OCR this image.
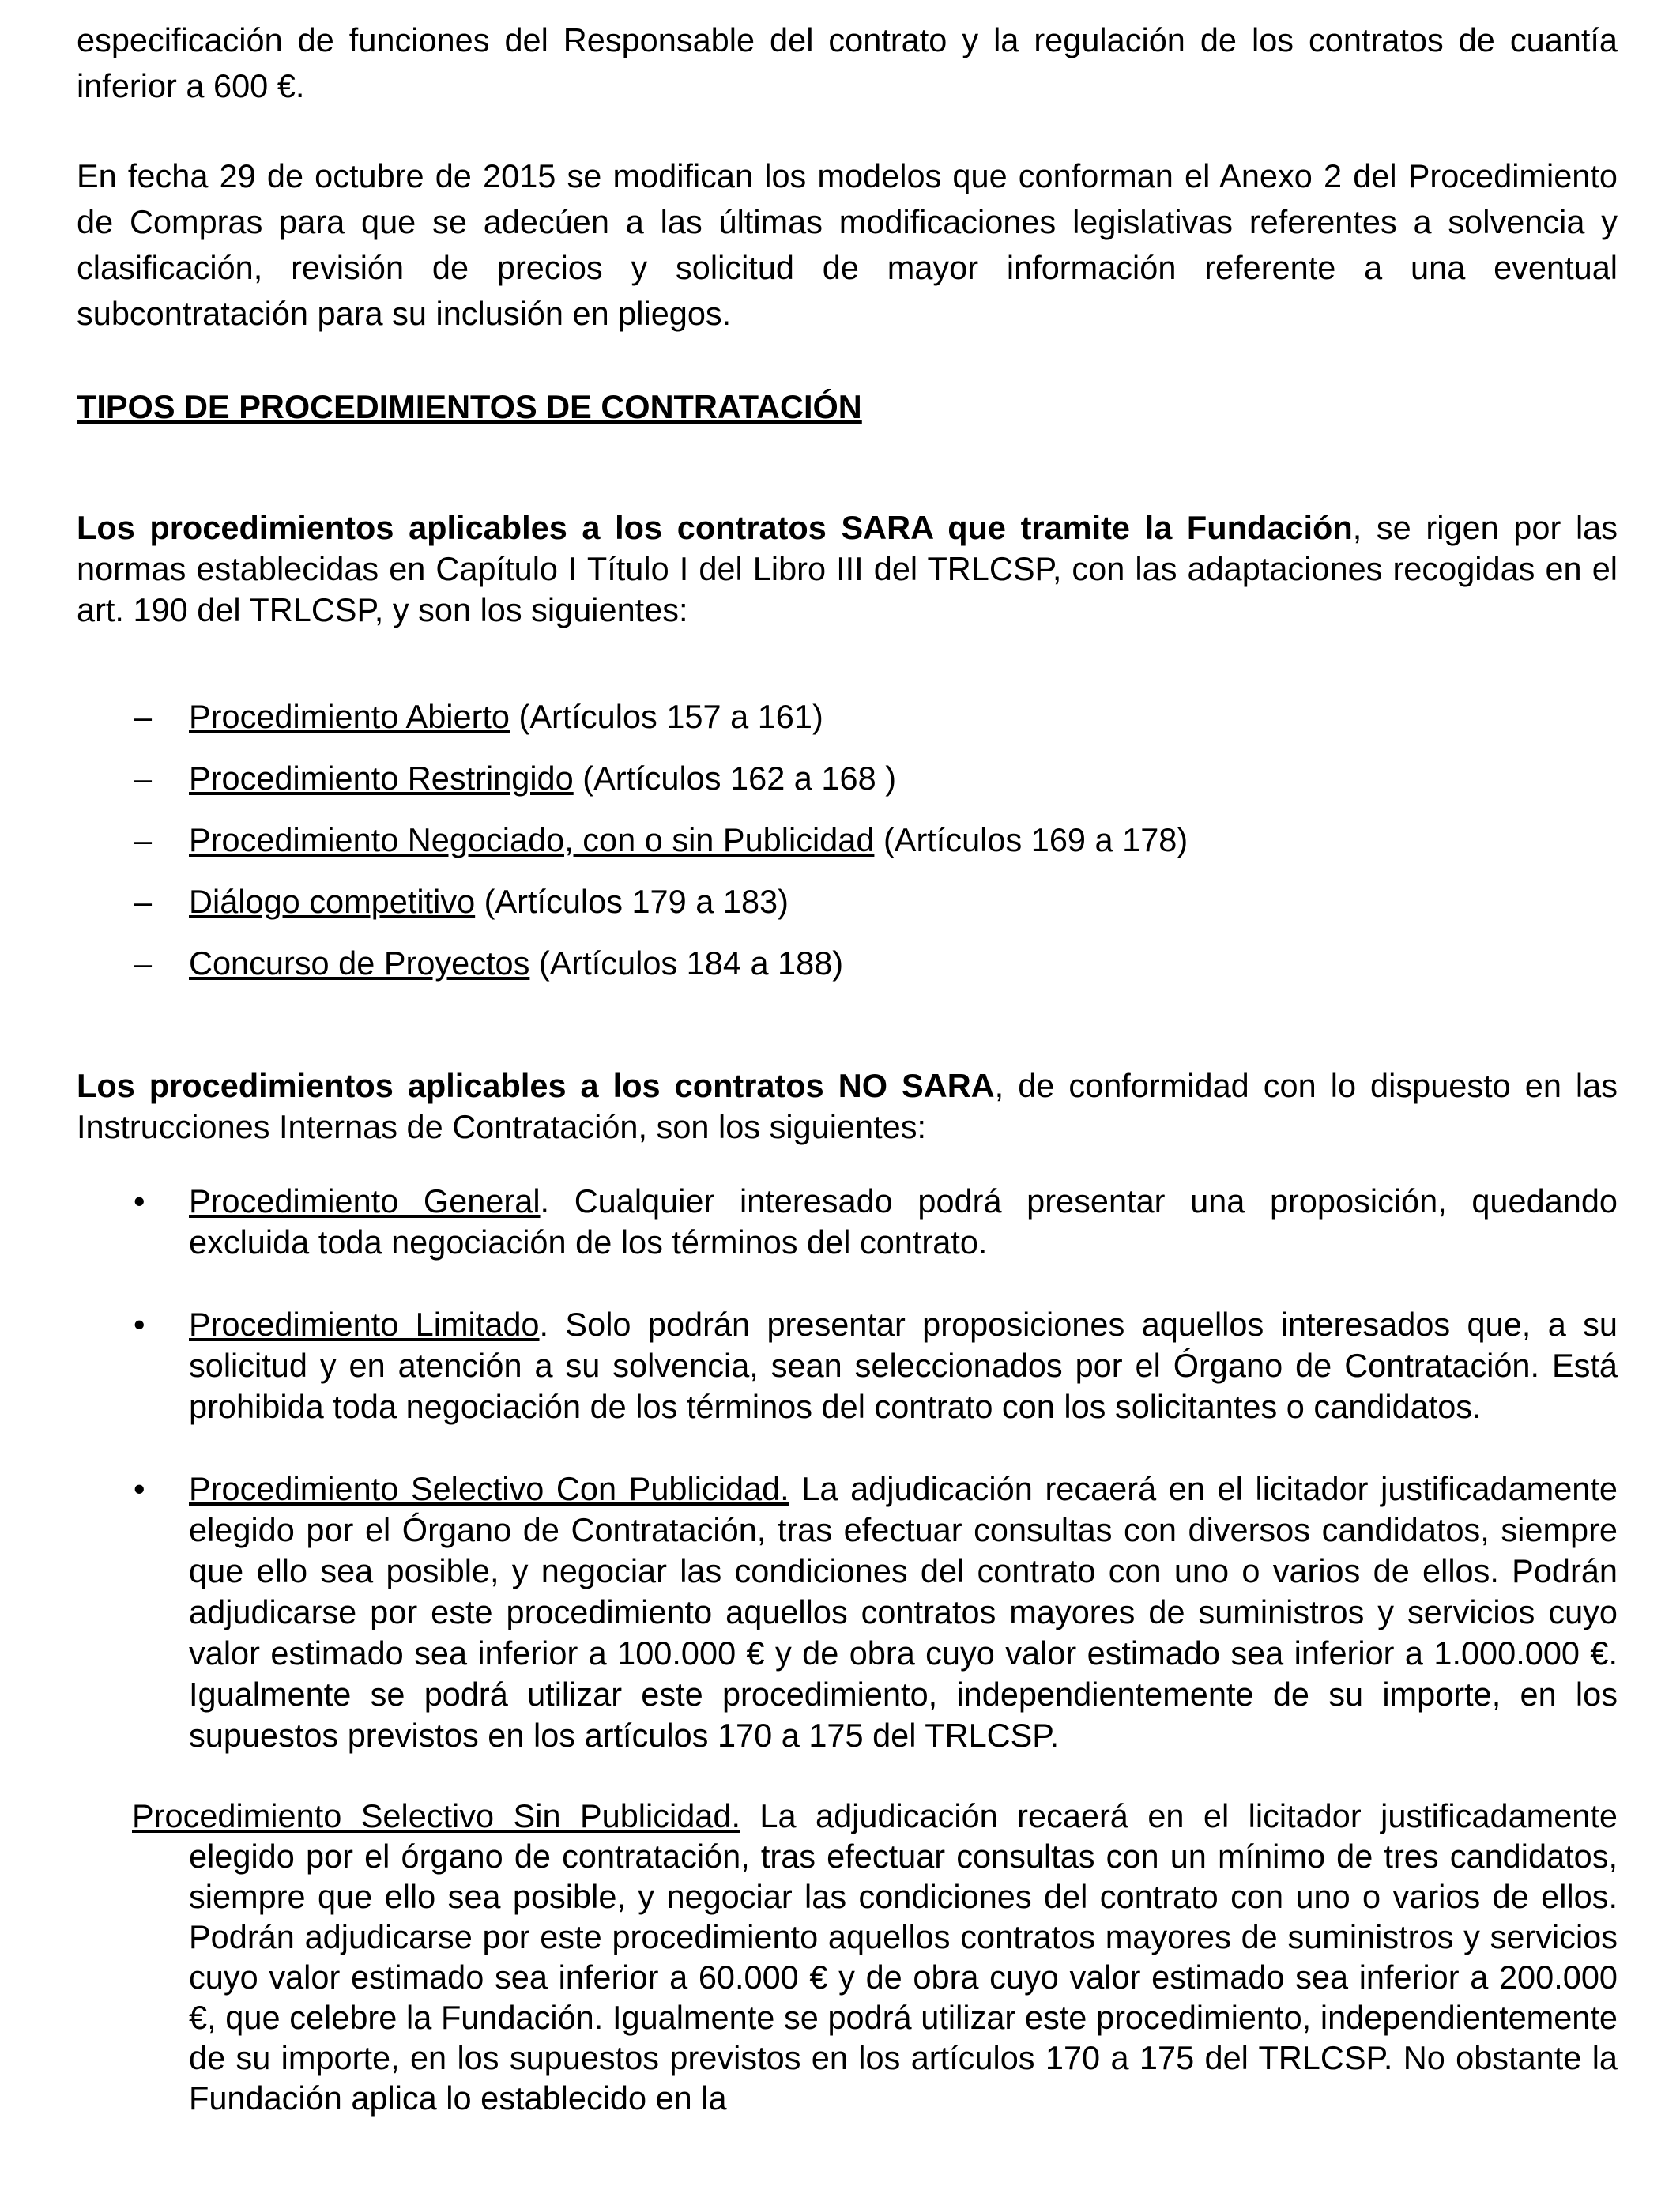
especificación de funciones del Responsable del contrato y la regulación de los contratos de cuantía inferior a 600 €.

En fecha 29 de octubre de 2015 se modifican los modelos que conforman el Anexo 2 del Procedimiento de Compras para que se adecúen a las últimas modificaciones legislativas referentes a solvencia y clasificación, revisión de precios y solicitud de mayor información referente a una eventual subcontratación para su inclusión en pliegos.

TIPOS DE PROCEDIMIENTOS DE CONTRATACIÓN

Los procedimientos aplicables a los contratos SARA que tramite la Fundación, se rigen por las normas establecidas en Capítulo I Título I del Libro III del TRLCSP, con las adaptaciones recogidas en el art. 190 del TRLCSP, y son los siguientes:

– Procedimiento Abierto (Artículos 157 a 161)
– Procedimiento Restringido (Artículos 162 a 168 )
– Procedimiento Negociado, con o sin Publicidad (Artículos 169 a 178)
– Diálogo competitivo (Artículos 179 a 183)
– Concurso de Proyectos (Artículos 184 a 188)

Los procedimientos aplicables a los contratos NO SARA, de conformidad con lo dispuesto en las Instrucciones Internas de Contratación, son los siguientes:

• Procedimiento General. Cualquier interesado podrá presentar una proposición, quedando excluida toda negociación de los términos del contrato.
• Procedimiento Limitado. Solo podrán presentar proposiciones aquellos interesados que, a su solicitud y en atención a su solvencia, sean seleccionados por el Órgano de Contratación. Está prohibida toda negociación de los términos del contrato con los solicitantes o candidatos.
• Procedimiento Selectivo Con Publicidad. La adjudicación recaerá en el licitador justificadamente elegido por el Órgano de Contratación, tras efectuar consultas con diversos candidatos, siempre que ello sea posible, y negociar las condiciones del contrato con uno o varios de ellos. Podrán adjudicarse por este procedimiento aquellos contratos mayores de suministros y servicios cuyo valor estimado sea inferior a 100.000 € y de obra cuyo valor estimado sea inferior a 1.000.000 €. Igualmente se podrá utilizar este procedimiento, independientemente de su importe, en los supuestos previstos en los artículos 170 a 175 del TRLCSP.

Procedimiento Selectivo Sin Publicidad. La adjudicación recaerá en el licitador justificadamente elegido por el órgano de contratación, tras efectuar consultas con un mínimo de tres candidatos, siempre que ello sea posible, y negociar las condiciones del contrato con uno o varios de ellos. Podrán adjudicarse por este procedimiento aquellos contratos mayores de suministros y servicios cuyo valor estimado sea inferior a 60.000 € y de obra cuyo valor estimado sea inferior a 200.000 €, que celebre la Fundación. Igualmente se podrá utilizar este procedimiento, independientemente de su importe, en los supuestos previstos en los artículos 170 a 175 del TRLCSP. No obstante la Fundación aplica lo establecido en la
